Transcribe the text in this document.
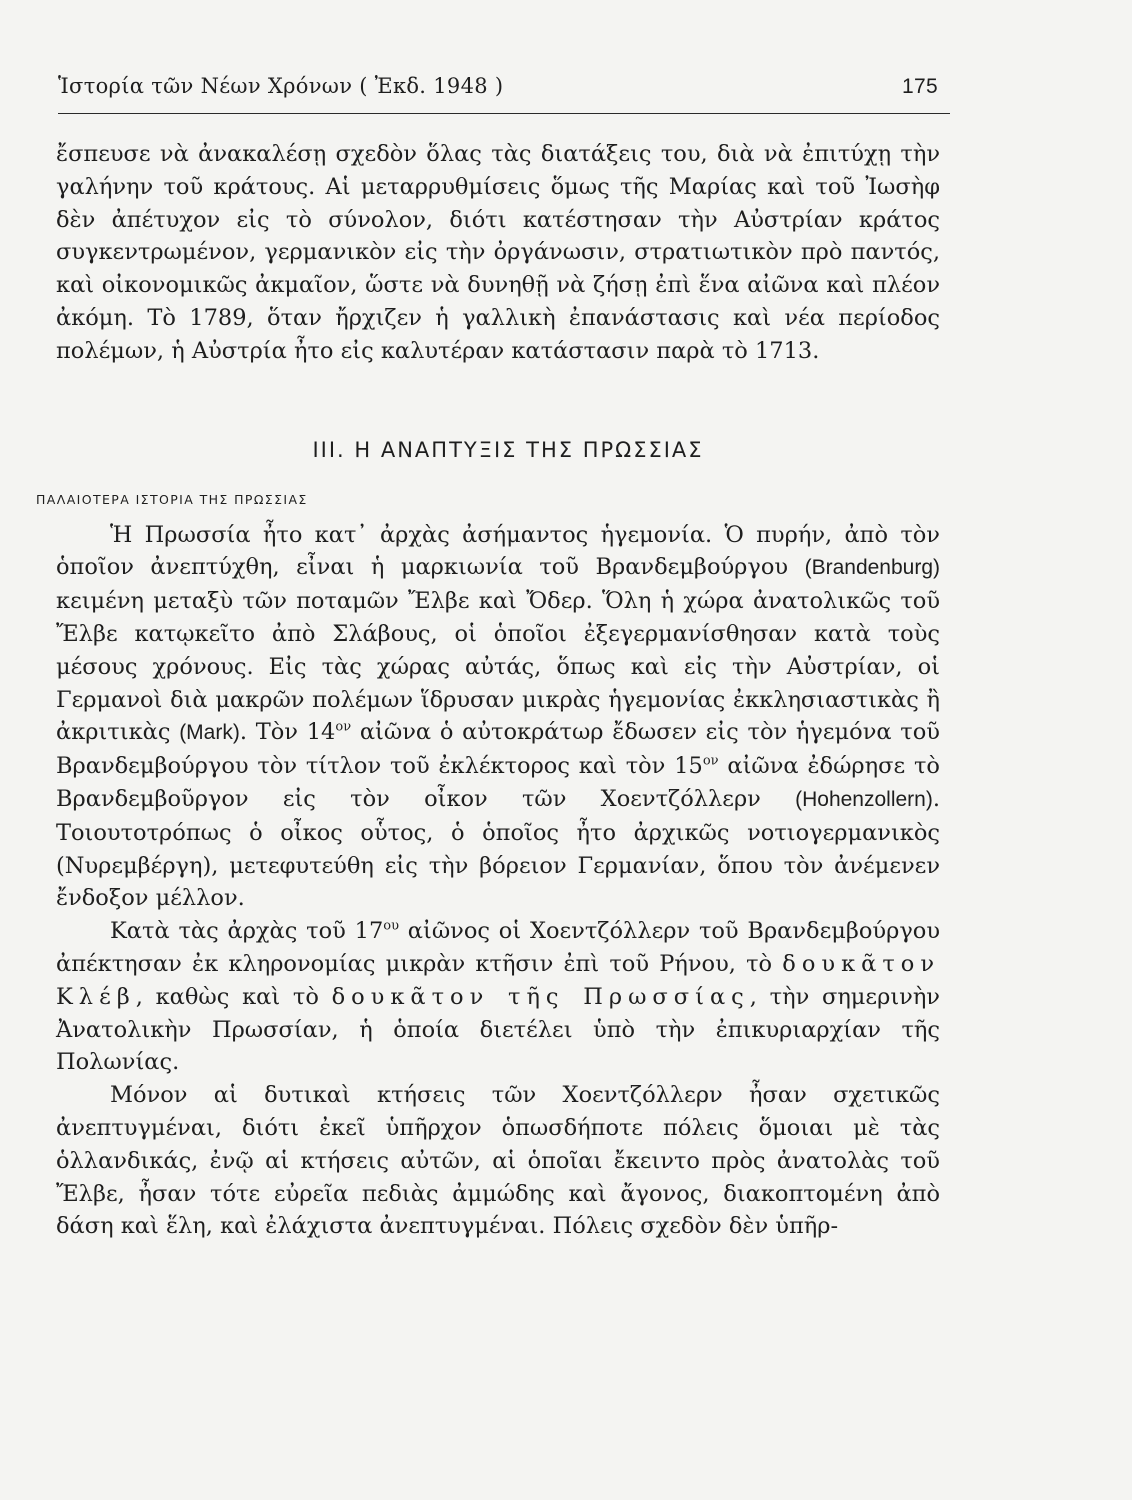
Ἱστορία τῶν Νέων Χρόνων ( Ἐκδ. 1948 )	175

ἔσπευσε νὰ ἀνακαλέσῃ σχεδὸν ὅλας τὰς διατάξεις του, διὰ νὰ ἐπιτύχῃ τὴν γαλήνην τοῦ κράτους. Αἱ μεταρρυθμίσεις ὅμως τῆς Μαρίας καὶ τοῦ Ἰωσὴφ δὲν ἀπέτυχον εἰς τὸ σύνολον, διότι κατέστησαν τὴν Αὐστρίαν κράτος συγκεντρωμένον, γερμανικὸν εἰς τὴν ὀργάνωσιν, στρατιωτικὸν πρὸ παντός, καὶ οἰκονομικῶς ἀκμαῖον, ὥστε νὰ δυνηθῇ νὰ ζήσῃ ἐπὶ ἕνα αἰῶνα καὶ πλέον ἀκόμη. Τὸ 1789, ὅταν ἤρχιζεν ἡ γαλλικὴ ἐπανάστασις καὶ νέα περίοδος πολέμων, ἡ Αὐστρία ἦτο εἰς καλυτέραν κατάστασιν παρὰ τὸ 1713.

III. Η ΑΝΑΠΤΥΞΙΣ ΤΗΣ ΠΡΩΣΣΙΑΣ
ΠΑΛΑΙΟΤΕΡΑ ΙΣΤΟΡΙΑ ΤΗΣ ΠΡΩΣΣΙΑΣ

Ἡ Πρωσσία ἦτο κατ᾿ ἀρχὰς ἀσήμαντος ἡγεμονία. Ὁ πυρήν, ἀπὸ τὸν ὁποῖον ἀνεπτύχθη, εἶναι ἡ μαρκιωνία τοῦ Βρανδεμβούργου (Brandenburg) κειμένη μεταξὺ τῶν ποταμῶν Ἔλβε καὶ Ὄδερ. Ὅλη ἡ χώρα ἀνατολικῶς τοῦ Ἔλβε κατῳκεῖτο ἀπὸ Σλάβους, οἱ ὁποῖοι ἐξεγερμανίσθησαν κατὰ τοὺς μέσους χρόνους. Εἰς τὰς χώρας αὐτάς, ὅπως καὶ εἰς τὴν Αὐστρίαν, οἱ Γερμανοὶ διὰ μακρῶν πολέμων ἵδρυσαν μικρὰς ἡγεμονίας ἐκκλησιαστικὰς ἢ ἀκριτικὰς (Mark). Τὸν $14^{o\nu}$ αἰῶνα ὁ αὐτοκράτωρ ἔδωσεν εἰς τὸν ἡγεμόνα τοῦ Βρανδεμβούργου τὸν τίτλον τοῦ ἐκλέκτορος καὶ τὸν $15^{o\nu}$ αἰῶνα ἐδώρησε τὸ Βρανδεμβοῦργον εἰς τὸν οἶκον τῶν Χοεντζόλλερν (Hohenzollern). Τοιουτοτρόπως ὁ οἶκος οὗτος, ὁ ὁποῖος ἦτο ἀρχικῶς νοτιογερμανικὸς (Νυρεμβέργη), μετεφυτεύθη εἰς τὴν βόρειον Γερμανίαν, ὅπου τὸν ἀνέμενεν ἔνδοξον μέλλον.

Κατὰ τὰς ἀρχὰς τοῦ $17^{o\upsilon}$ αἰῶνος οἱ Χοεντζόλλερν τοῦ Βρανδεμβούργου ἀπέκτησαν ἐκ κληρονομίας μικρὰν κτῆσιν ἐπὶ τοῦ Ρήνου, τὸ δουκᾶτον Κλέβ, καθὼς καὶ τὸ δουκᾶτον τῆς Πρωσσίας, τὴν σημερινὴν Ἀνατολικὴν Πρωσσίαν, ἡ ὁποία διετέλει ὑπὸ τὴν ἐπικυριαρχίαν τῆς Πολωνίας.

Μόνον αἱ δυτικαὶ κτήσεις τῶν Χοεντζόλλερν ἦσαν σχετικῶς ἀνεπτυγμέναι, διότι ἐκεῖ ὑπῆρχον ὁπωσδήποτε πόλεις ὅμοιαι μὲ τὰς ὁλλανδικάς, ἐνῷ αἱ κτήσεις αὐτῶν, αἱ ὁποῖαι ἔκειντο πρὸς ἀνατολὰς τοῦ Ἔλβε, ἦσαν τότε εὐρεῖα πεδιὰς ἀμμώδης καὶ ἄγονος, διακοπτομένη ἀπὸ δάση καὶ ἕλη, καὶ ἐλάχιστα ἀνεπτυγμέναι. Πόλεις σχεδὸν δὲν ὑπῆρ-
